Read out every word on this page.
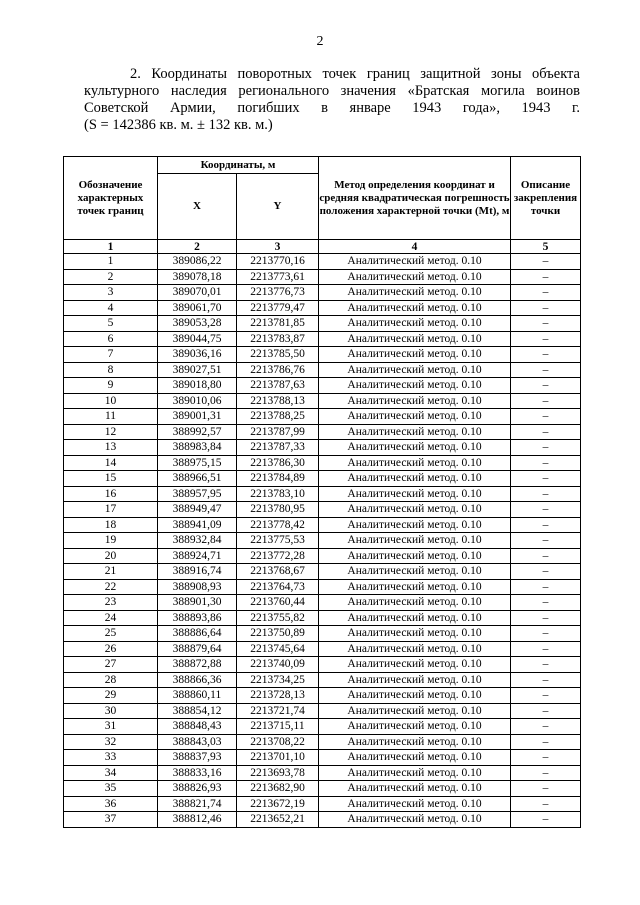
2
2. Координаты поворотных точек границ защитной зоны объекта
культурного наследия регионального значения «Братская могила воинов
Советской Армии, погибших в январе 1943 года», 1943 г.
(S = 142386 кв. м. ± 132 кв. м.)
Обозначение характерных точек границ	Координаты, м		Метод определения координат и средняя квадратическая погрешность положения характерной точки (Мt), м	Описание закрепления точки
	X	Y		
1	2	3	4	5
1	389086,22	2213770,16	Аналитический метод. 0.10	–
2	389078,18	2213773,61	Аналитический метод. 0.10	–
3	389070,01	2213776,73	Аналитический метод. 0.10	–
4	389061,70	2213779,47	Аналитический метод. 0.10	–
5	389053,28	2213781,85	Аналитический метод. 0.10	–
6	389044,75	2213783,87	Аналитический метод. 0.10	–
7	389036,16	2213785,50	Аналитический метод. 0.10	–
8	389027,51	2213786,76	Аналитический метод. 0.10	–
9	389018,80	2213787,63	Аналитический метод. 0.10	–
10	389010,06	2213788,13	Аналитический метод. 0.10	–
11	389001,31	2213788,25	Аналитический метод. 0.10	–
12	388992,57	2213787,99	Аналитический метод. 0.10	–
13	388983,84	2213787,33	Аналитический метод. 0.10	–
14	388975,15	2213786,30	Аналитический метод. 0.10	–
15	388966,51	2213784,89	Аналитический метод. 0.10	–
16	388957,95	2213783,10	Аналитический метод. 0.10	–
17	388949,47	2213780,95	Аналитический метод. 0.10	–
18	388941,09	2213778,42	Аналитический метод. 0.10	–
19	388932,84	2213775,53	Аналитический метод. 0.10	–
20	388924,71	2213772,28	Аналитический метод. 0.10	–
21	388916,74	2213768,67	Аналитический метод. 0.10	–
22	388908,93	2213764,73	Аналитический метод. 0.10	–
23	388901,30	2213760,44	Аналитический метод. 0.10	–
24	388893,86	2213755,82	Аналитический метод. 0.10	–
25	388886,64	2213750,89	Аналитический метод. 0.10	–
26	388879,64	2213745,64	Аналитический метод. 0.10	–
27	388872,88	2213740,09	Аналитический метод. 0.10	–
28	388866,36	2213734,25	Аналитический метод. 0.10	–
29	388860,11	2213728,13	Аналитический метод. 0.10	–
30	388854,12	2213721,74	Аналитический метод. 0.10	–
31	388848,43	2213715,11	Аналитический метод. 0.10	–
32	388843,03	2213708,22	Аналитический метод. 0.10	–
33	388837,93	2213701,10	Аналитический метод. 0.10	–
34	388833,16	2213693,78	Аналитический метод. 0.10	–
35	388826,93	2213682,90	Аналитический метод. 0.10	–
36	388821,74	2213672,19	Аналитический метод. 0.10	–
37	388812,46	2213652,21	Аналитический метод. 0.10	–
